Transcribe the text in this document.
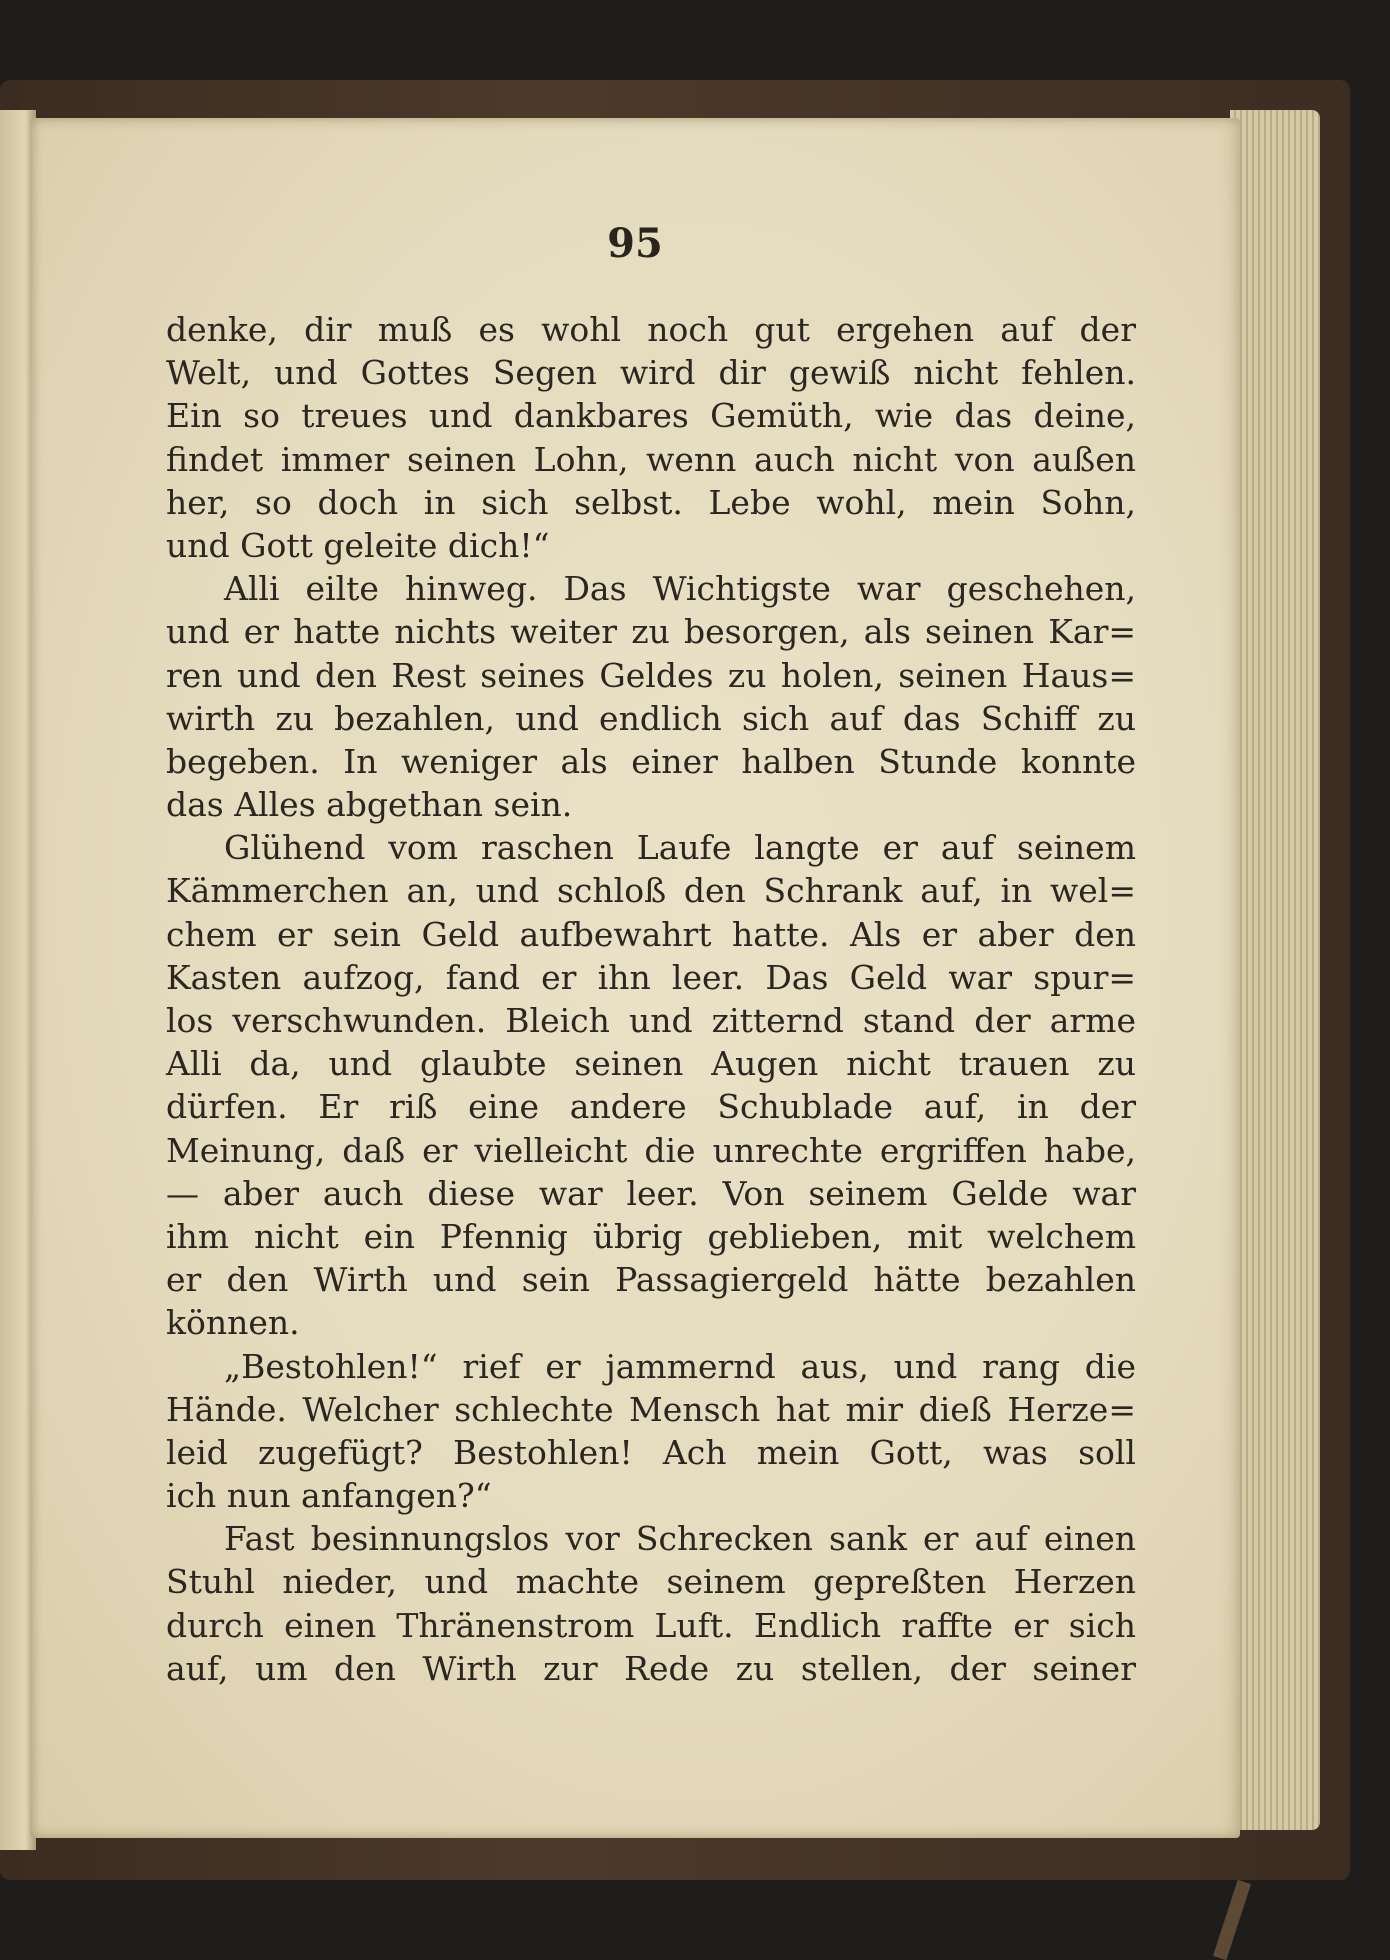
95
denke, dir muß es wohl noch gut ergehen auf der
Welt, und Gottes Segen wird dir gewiß nicht fehlen.
Ein so treues und dankbares Gemüth, wie das deine,
findet immer seinen Lohn, wenn auch nicht von außen
her, so doch in sich selbst. Lebe wohl, mein Sohn,
und Gott geleite dich!“
Alli eilte hinweg. Das Wichtigste war geschehen,
und er hatte nichts weiter zu besorgen, als seinen Kar=
ren und den Rest seines Geldes zu holen, seinen Haus=
wirth zu bezahlen, und endlich sich auf das Schiff zu
begeben. In weniger als einer halben Stunde konnte
das Alles abgethan sein.
Glühend vom raschen Laufe langte er auf seinem
Kämmerchen an, und schloß den Schrank auf, in wel=
chem er sein Geld aufbewahrt hatte. Als er aber den
Kasten aufzog, fand er ihn leer. Das Geld war spur=
los verschwunden. Bleich und zitternd stand der arme
Alli da, und glaubte seinen Augen nicht trauen zu
dürfen. Er riß eine andere Schublade auf, in der
Meinung, daß er vielleicht die unrechte ergriffen habe,
— aber auch diese war leer. Von seinem Gelde war
ihm nicht ein Pfennig übrig geblieben, mit welchem
er den Wirth und sein Passagiergeld hätte bezahlen
können.
„Bestohlen!“ rief er jammernd aus, und rang die
Hände. Welcher schlechte Mensch hat mir dieß Herze=
leid zugefügt? Bestohlen! Ach mein Gott, was soll
ich nun anfangen?“
Fast besinnungslos vor Schrecken sank er auf einen
Stuhl nieder, und machte seinem gepreßten Herzen
durch einen Thränenstrom Luft. Endlich raffte er sich
auf, um den Wirth zur Rede zu stellen, der seiner
